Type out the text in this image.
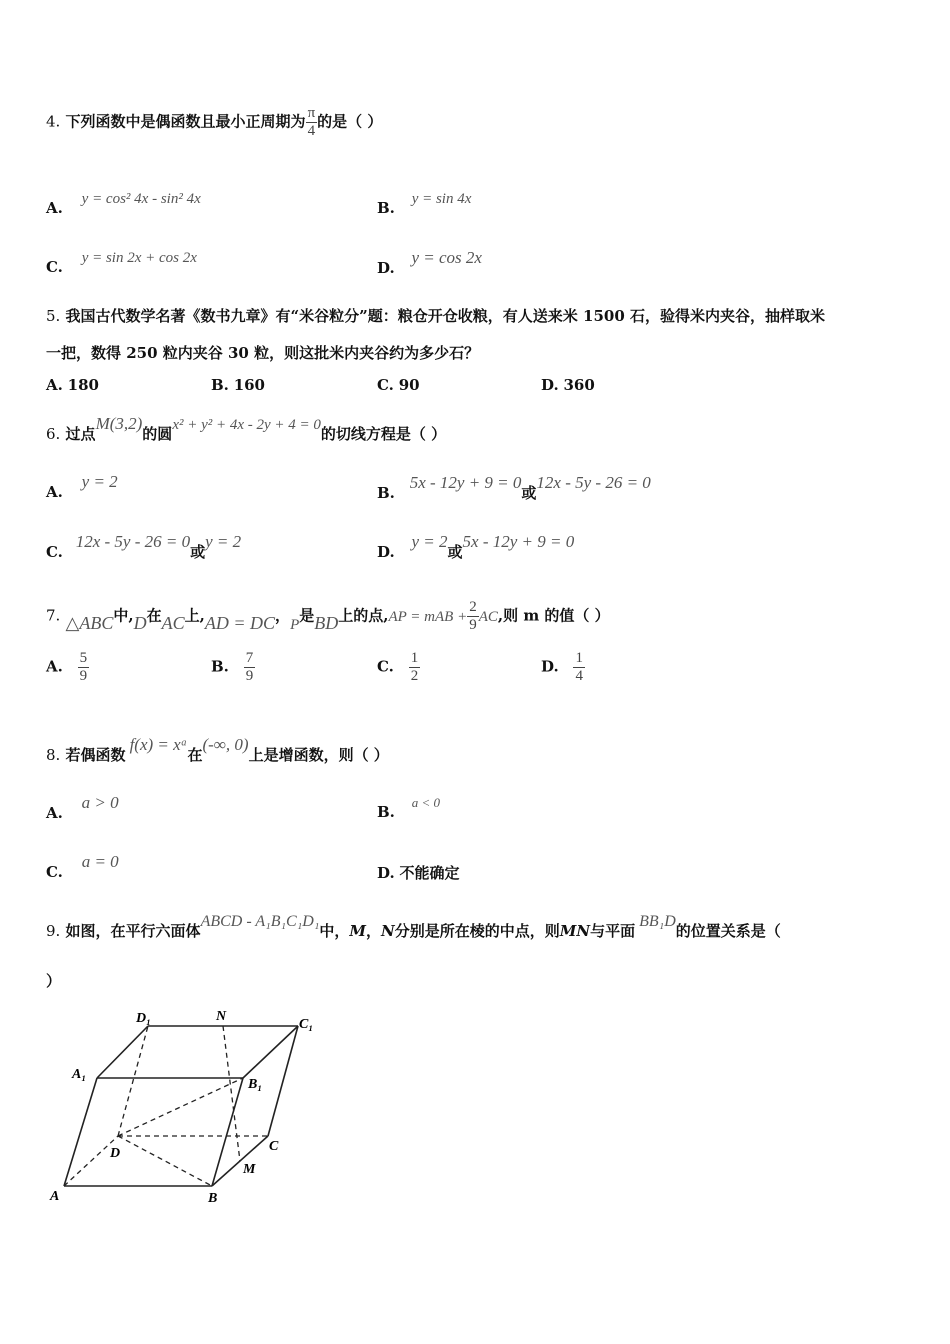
4. 下列函数中是偶函数且最小正周期为 $\frac{\pi}{4}$ 的是（ ）
A. y = cos² 4x - sin² 4x	B. y = sin 4x
C. y = sin 2x + cos 2x
D. y = cos 2x
5. 我国古代数学名著《数书九章》有“米谷粒分”题：粮仓开仓收粮，有人送来米 1500 石，验得米内夹谷，抽样取米
一把，数得 250 粒内夹谷 30 粒，则这批米内夹谷约为多少石？
A. 180	B. 160	C. 90	D. 360
6. 过点M(3,2)的圆x² + y² + 4x - 2y + 4 = 0的切线方程是（ ）
A. y = 2
B. 5x - 12y + 9 = 0或12x - 5y - 26 = 0
C. 12x - 5y - 26 = 0或y = 2
D. y = 2或5x - 12y + 9 = 0
7. △ABC中,D在AC上,AD = DC，P是BD上的点,AP = mAB + $\frac{2}{9}$ AC,则 m 的值（ ）
A. $\frac{5}{9}$	B. $\frac{7}{9}$	C. $\frac{1}{2}$	D. $\frac{1}{4}$
8. 若偶函数f(x) = xᵃ在(-∞, 0)上是增函数，则（ ）
A. a > 0	B. a < 0
C. a = 0
D. 不能确定
9. 如图，在平行六面体ABCD - A₁B₁C₁D₁中，M，N分别是所在棱的中点，则MN与平面BB₁D的位置关系是（
）
D₁	N
C₁
A₁
B₁
C
D
M
A	B
